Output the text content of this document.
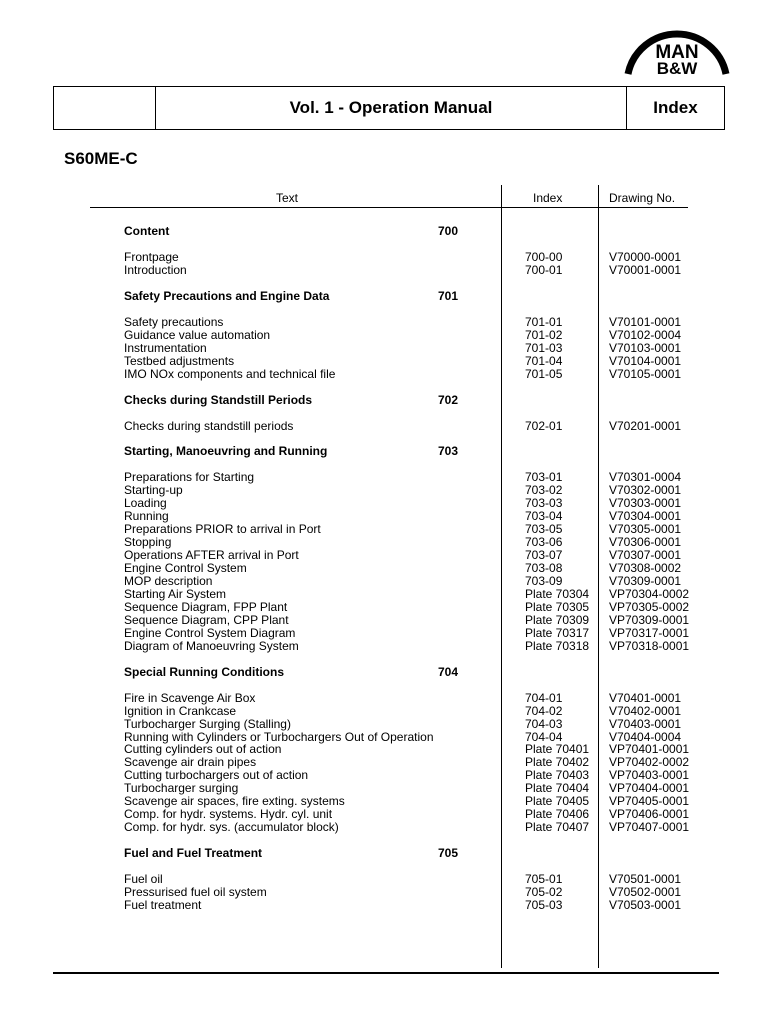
MAN
B&W
Vol. 1 - Operation Manual	Index
S60ME-C
Text	Index	Drawing No.
Content	700
Frontpage	700-00	V70000-0001
Introduction	700-01	V70001-0001
Safety Precautions and Engine Data	701
Safety precautions	701-01	V70101-0001
Guidance value automation	701-02	V70102-0004
Instrumentation	701-03	V70103-0001
Testbed adjustments	701-04	V70104-0001
IMO NOx components and technical file	701-05	V70105-0001
Checks during Standstill Periods	702
Checks during standstill periods	702-01	V70201-0001
Starting, Manoeuvring and Running	703
Preparations for Starting	703-01	V70301-0004
Starting-up	703-02	V70302-0001
Loading	703-03	V70303-0001
Running	703-04	V70304-0001
Preparations PRIOR to arrival in Port	703-05	V70305-0001
Stopping	703-06	V70306-0001
Operations AFTER arrival in Port	703-07	V70307-0001
Engine Control System	703-08	V70308-0002
MOP description	703-09	V70309-0001
Starting Air System	Plate 70304 VP70304-0002
Sequence Diagram, FPP Plant	Plate 70305 VP70305-0002
Sequence Diagram, CPP Plant	Plate 70309 VP70309-0001
Engine Control System Diagram	Plate 70317 VP70317-0001
Diagram of Manoeuvring System	Plate 70318 VP70318-0001
Special Running Conditions	704
Fire in Scavenge Air Box	704-01	V70401-0001
Ignition in Crankcase	704-02	V70402-0001
Turbocharger Surging (Stalling)	704-03	V70403-0001
Running with Cylinders or Turbochargers Out of Operation	704-04	V70404-0004
Cutting cylinders out of action	Plate 70401 VP70401-0001
Scavenge air drain pipes	Plate 70402 VP70402-0002
Cutting turbochargers out of action	Plate 70403 VP70403-0001
Turbocharger surging	Plate 70404 VP70404-0001
Scavenge air spaces, fire exting. systems	Plate 70405 VP70405-0001
Comp. for hydr. systems. Hydr. cyl. unit	Plate 70406 VP70406-0001
Comp. for hydr. sys. (accumulator block)	Plate 70407 VP70407-0001
Fuel and Fuel Treatment	705
Fuel oil	705-01	V70501-0001
Pressurised fuel oil system	705-02	V70502-0001
Fuel treatment	705-03	V70503-0001
